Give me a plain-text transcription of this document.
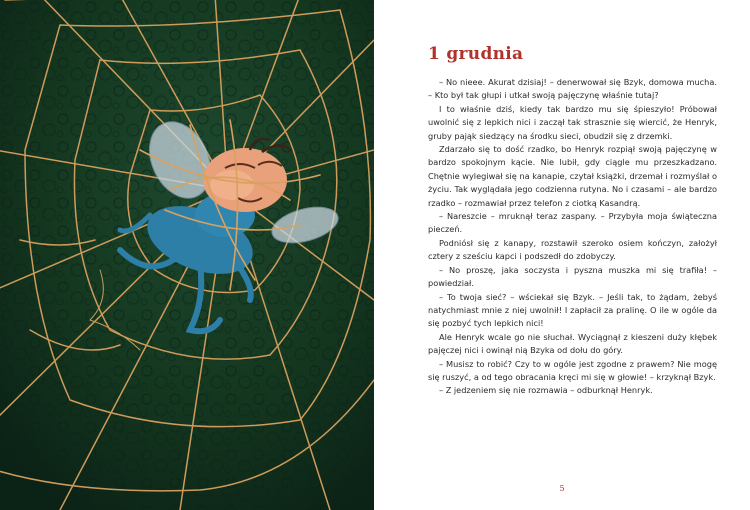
1 grudnia

– No nieee. Akurat dzisiaj! – denerwował się Bzyk, domowa mucha. – Kto był tak głupi i utkał swoją pajęczynę właśnie tutaj?

I to właśnie dziś, kiedy tak bardzo mu się śpieszyło! Próbował uwolnić się z lepkich nici i zaczął tak strasznie się wiercić, że Henryk, gruby pająk siedzący na środku sieci, obudził się z drzemki.

Zdarzało się to dość rzadko, bo Henryk rozpiął swoją pajęczynę w bardzo spokojnym kącie. Nie lubił, gdy ciągle mu przeszkadzano. Chętnie wylegiwał się na kanapie, czytał książki, drzemał i rozmyślał o życiu. Tak wyglądała jego codzienna rutyna. No i czasami – ale bardzo rzadko – rozmawiał przez telefon z ciotką Kasandrą.

– Nareszcie – mruknął teraz zaspany. – Przybyła moja świąteczna pieczeń.

Podniósł się z kanapy, rozstawił szeroko osiem kończyn, założył cztery z sześciu kapci i podszedł do zdobyczy.

– No proszę, jaka soczysta i pyszna muszka mi się trafiła! – powiedział.

– To twoja sieć? – wściekał się Bzyk. – Jeśli tak, to żądam, żebyś natychmiast mnie z niej uwolnił! I zapłacił za pralinę. O ile w ogóle da się pozbyć tych lepkich nici!

Ale Henryk wcale go nie słuchał. Wyciągnął z kieszeni duży kłębek pajęczej nici i owinął nią Bzyka od dołu do góry.

– Musisz to robić? Czy to w ogóle jest zgodne z prawem? Nie mogę się ruszyć, a od tego obracania kręci mi się w głowie! – krzyknął Bzyk.

– Z jedzeniem się nie rozmawia – odburknął Henryk.

5
